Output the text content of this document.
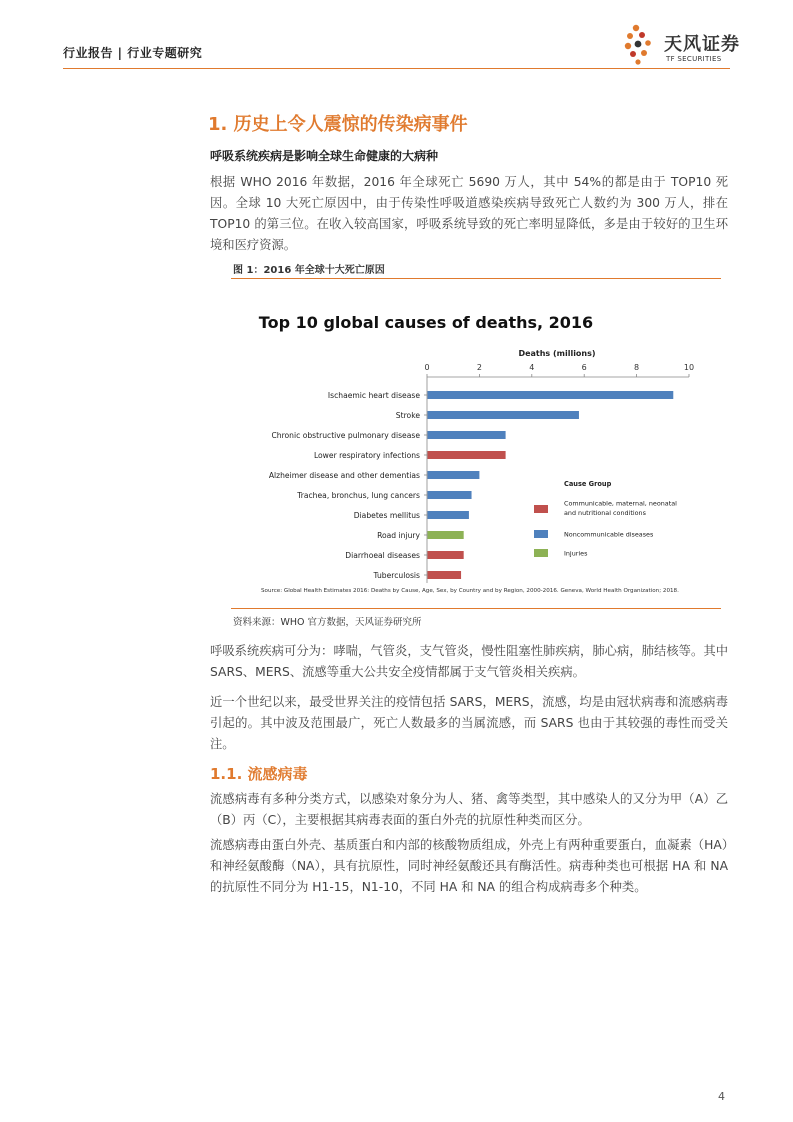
行业报告 | 行业专题研究	天风证券
TF SECURITIES
1. 历史上令人震惊的传染病事件
呼吸系统疾病是影响全球生命健康的大病种
根据 WHO 2016 年数据，2016 年全球死亡 5690 万人，其中 54%的都是由于 TOP10 死因。全球 10 大死亡原因中，由于传染性呼吸道感染疾病导致死亡人数约为 300 万人，排在 TOP10 的第三位。在收入较高国家，呼吸系统导致的死亡率明显降低，多是由于较好的卫生环境和医疗资源。
图 1：2016 年全球十大死亡原因
Top 10 global causes of deaths, 2016
Deaths (millions)
0	2	4	6	8	10
Ischaemic heart disease
Stroke
Chronic obstructive pulmonary disease
Lower respiratory infections
Alzheimer disease and other dementias
Trachea, bronchus, lung cancers
Diabetes mellitus
Road injury
Diarrhoeal diseases
Tuberculosis
Cause Group
Communicable, maternal, neonatal
and nutritional conditions
Noncommunicable diseases
Injuries
Source: Global Health Estimates 2016: Deaths by Cause, Age, Sex, by Country and by Region, 2000-2016. Geneva, World Health Organization; 2018.
资料来源：WHO 官方数据，天风证券研究所
呼吸系统疾病可分为：哮喘，气管炎，支气管炎，慢性阻塞性肺疾病，肺心病，肺结核等。其中 SARS、MERS、流感等重大公共安全疫情都属于支气管炎相关疾病。
近一个世纪以来，最受世界关注的疫情包括 SARS，MERS，流感，均是由冠状病毒和流感病毒引起的。其中波及范围最广，死亡人数最多的当属流感，而 SARS 也由于其较强的毒性而受关注。
1.1. 流感病毒
流感病毒有多种分类方式，以感染对象分为人、猪、禽等类型，其中感染人的又分为甲（A）乙（B）丙（C），主要根据其病毒表面的蛋白外壳的抗原性种类而区分。
流感病毒由蛋白外壳、基质蛋白和内部的核酸物质组成，外壳上有两种重要蛋白，血凝素（HA）和神经氨酸酶（NA），具有抗原性，同时神经氨酸还具有酶活性。病毒种类也可根据 HA 和 NA 的抗原性不同分为 H1-15，N1-10，不同 HA 和 NA 的组合构成病毒多个种类。
4
